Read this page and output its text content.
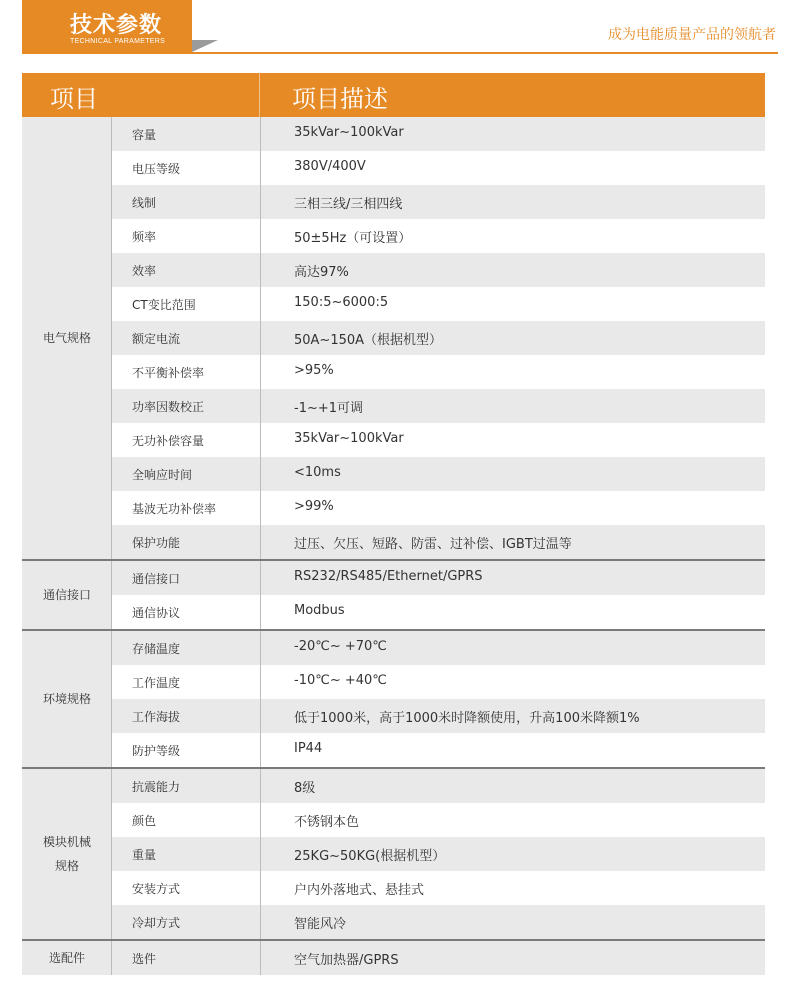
技术参数
TECHNICAL PARAMETERS	成为电能质量产品的领航者
项目	项目描述
电气规格
容量	35kVar~100kVar
电压等级	380V/400V
线制	三相三线/三相四线
频率	50±5Hz（可设置）
效率	高达97%
CT变比范围	150:5~6000:5
额定电流	50A~150A（根据机型）
不平衡补偿率	>95%
功率因数校正	-1~+1可调
无功补偿容量	35kVar~100kVar
全响应时间	<10ms
基波无功补偿率	>99%
保护功能	过压、欠压、短路、防雷、过补偿、IGBT过温等
通信接口
通信接口	RS232/RS485/Ethernet/GPRS
通信协议	Modbus
环境规格
存储温度	-20℃~ +70℃
工作温度	-10℃~ +40℃
工作海拔	低于1000米，高于1000米时降额使用，升高100米降额1%
防护等级	IP44
模块机械
规格
抗震能力	8级
颜色	不锈钢本色
重量	25KG~50KG(根据机型）
安装方式	户内外落地式、悬挂式
冷却方式	智能风冷
选配件	选件	空气加热器/GPRS
